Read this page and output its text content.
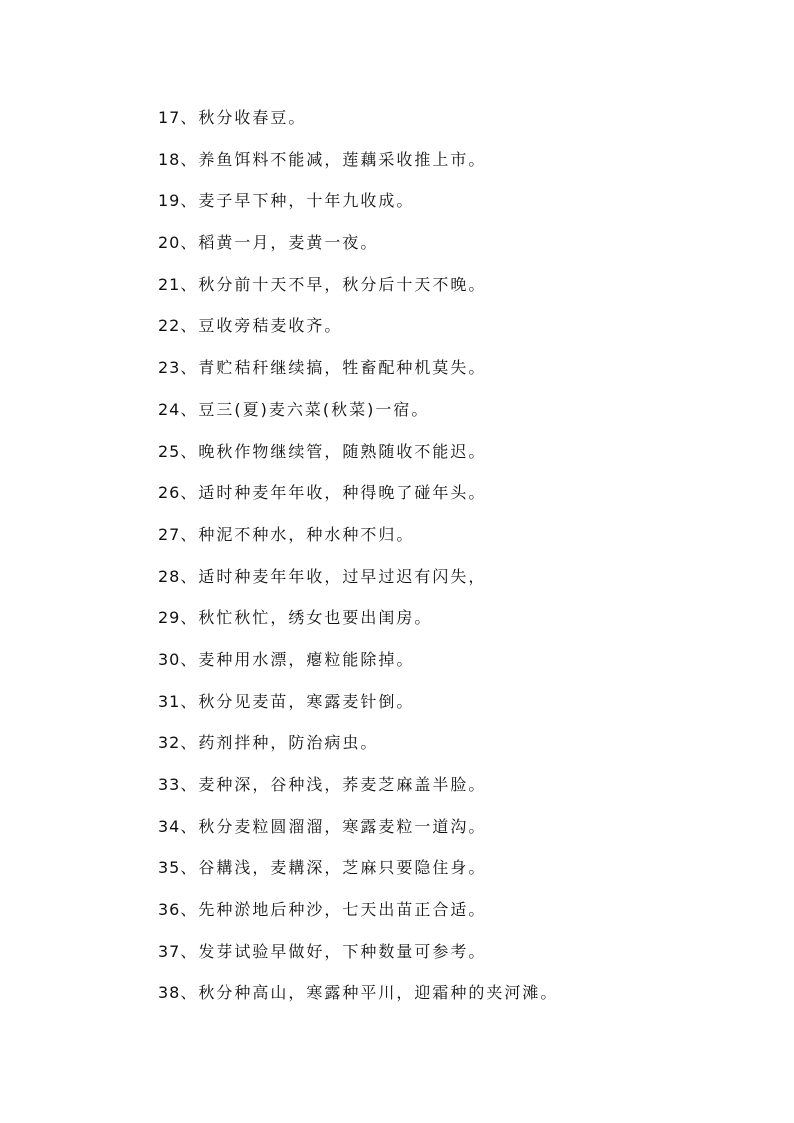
17、秋分收春豆。
18、养鱼饵料不能减，莲藕采收推上市。
19、麦子早下种，十年九收成。
20、稻黄一月，麦黄一夜。
21、秋分前十天不早，秋分后十天不晚。
22、豆收旁秸麦收齐。
23、青贮秸秆继续搞，牲畜配种机莫失。
24、豆三(夏)麦六菜(秋菜)一宿。
25、晚秋作物继续管，随熟随收不能迟。
26、适时种麦年年收，种得晚了碰年头。
27、种泥不种水，种水种不归。
28、适时种麦年年收，过早过迟有闪失，
29、秋忙秋忙，绣女也要出闺房。
30、麦种用水漂，瘪粒能除掉。
31、秋分见麦苗，寒露麦针倒。
32、药剂拌种，防治病虫。
33、麦种深，谷种浅，荞麦芝麻盖半脸。
34、秋分麦粒圆溜溜，寒露麦粒一道沟。
35、谷耩浅，麦耩深，芝麻只要隐住身。
36、先种淤地后种沙，七天出苗正合适。
37、发芽试验早做好，下种数量可参考。
38、秋分种高山，寒露种平川，迎霜种的夹河滩。
